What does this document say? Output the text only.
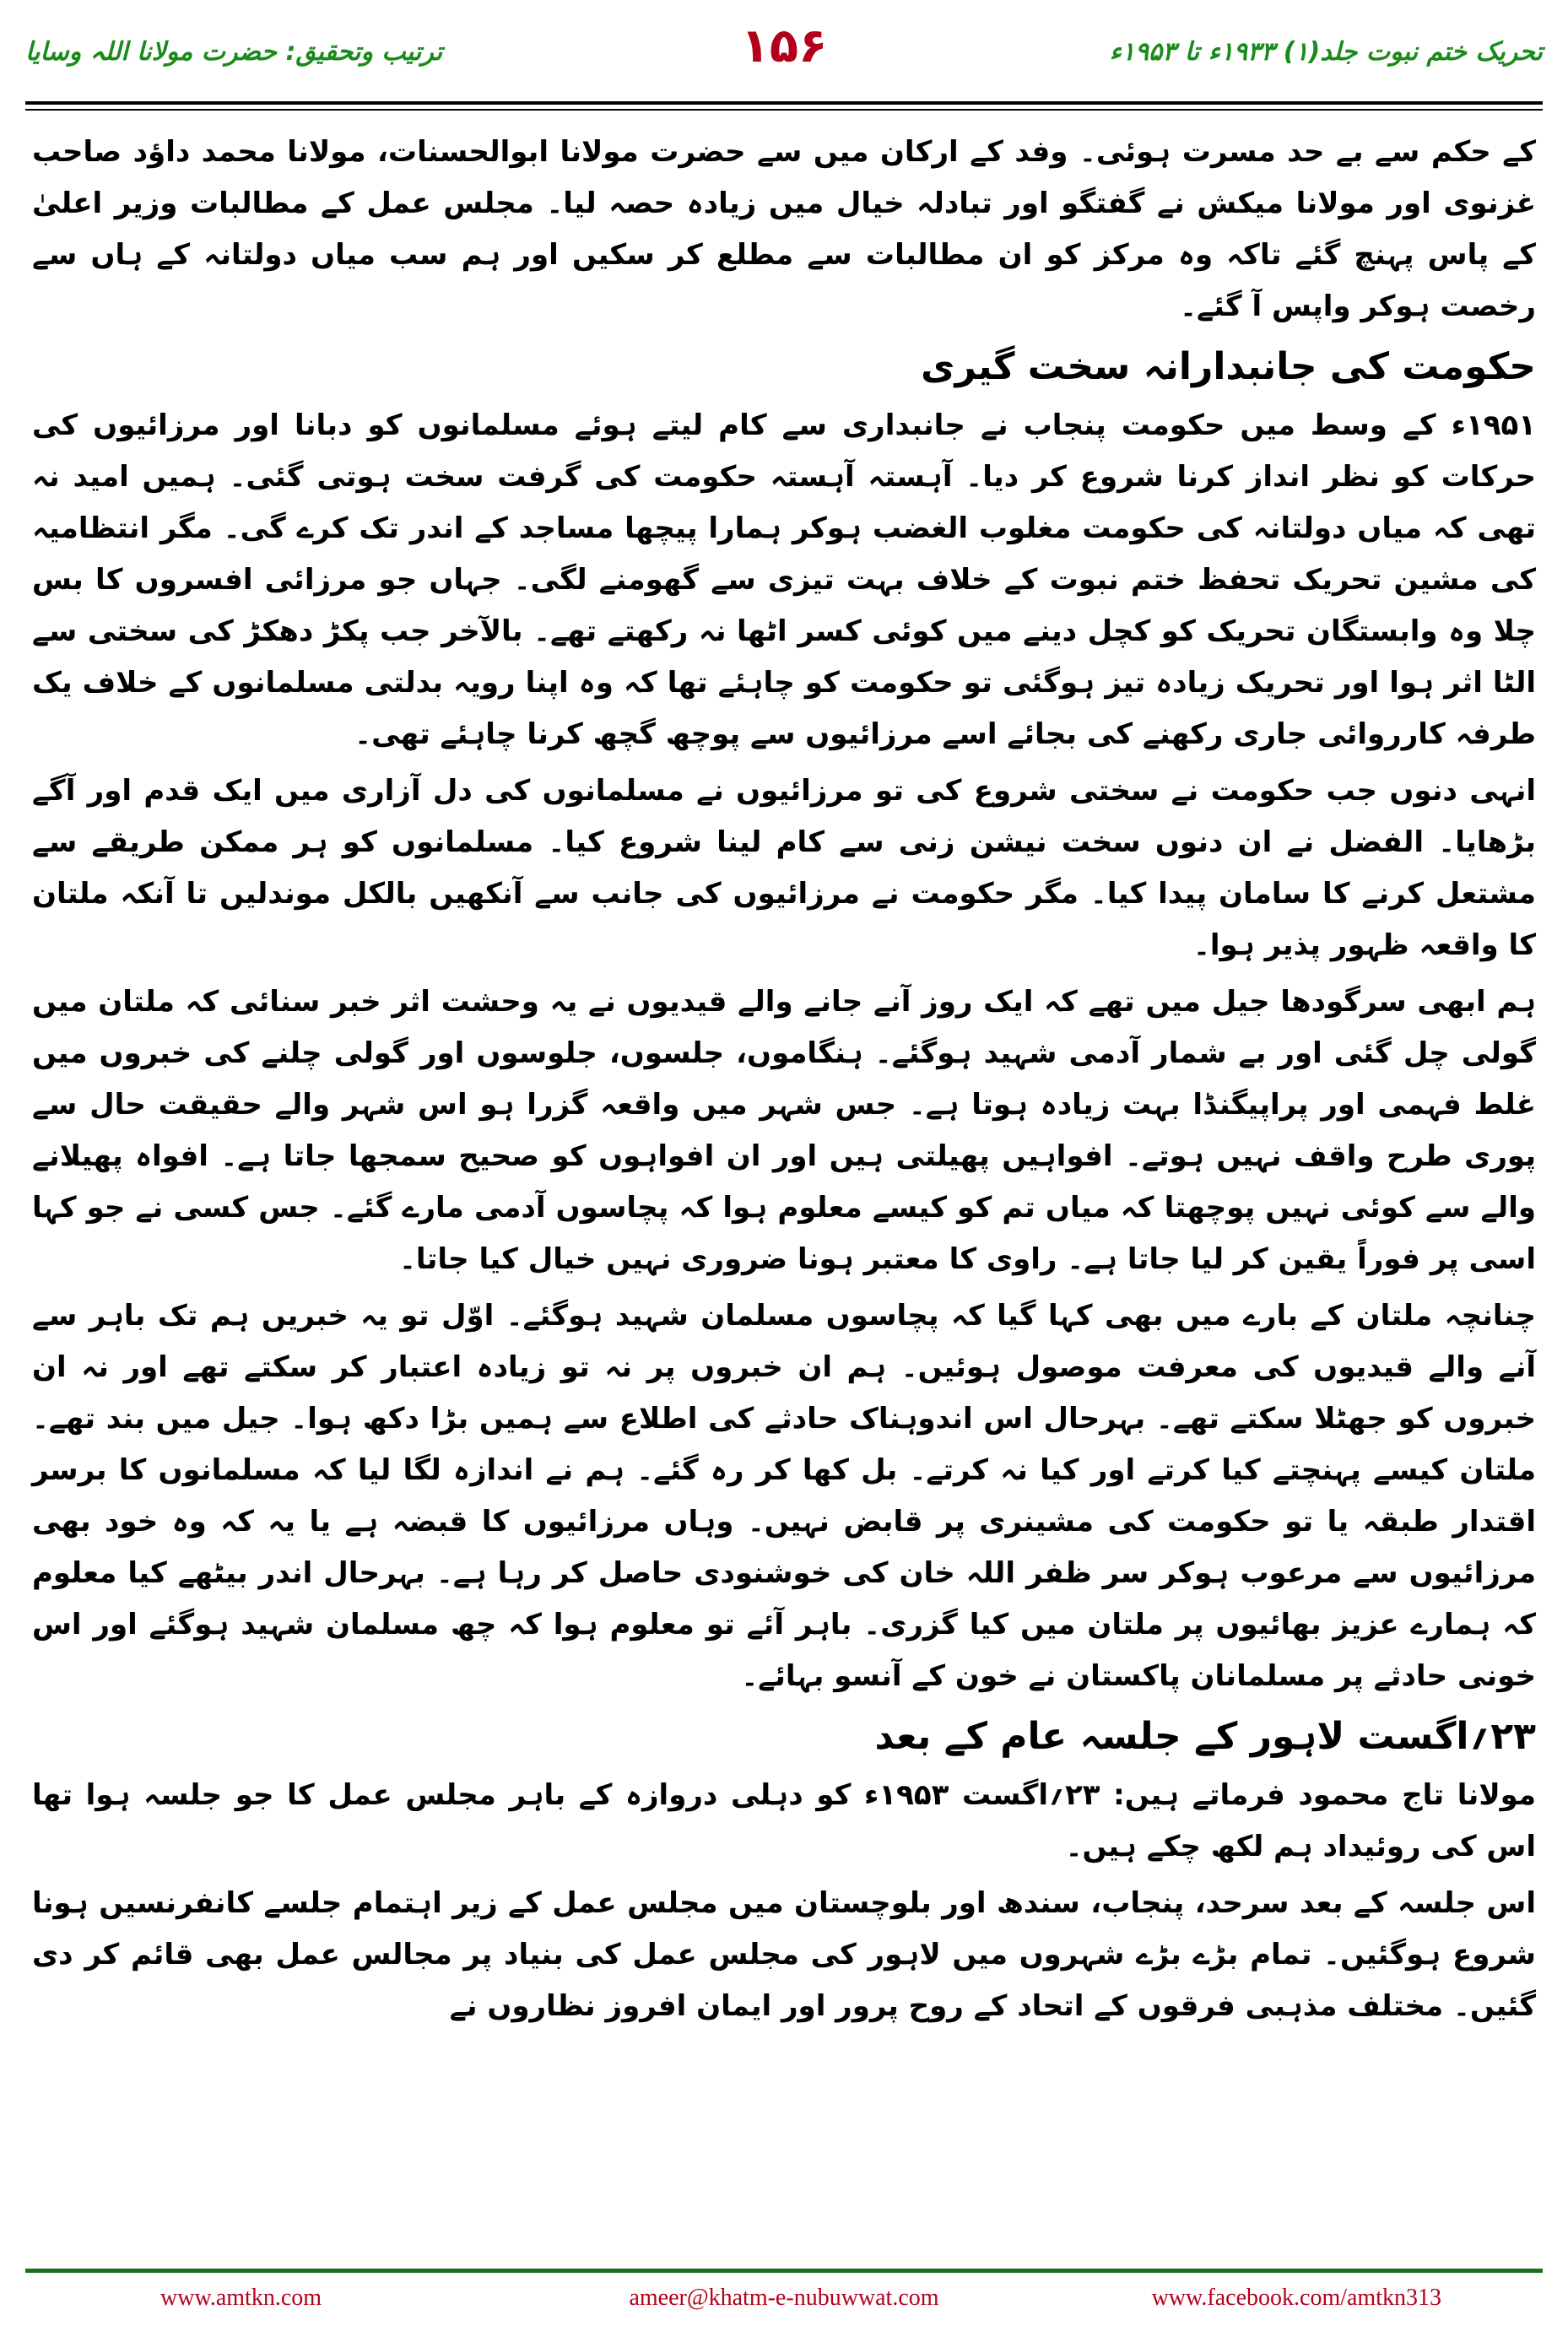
ترتیب وتحقیق: حضرت مولانا اللہ وسایا	۱۵۶	تحریک ختم نبوت جلد(۱) ۱۹۳۳ء تا ۱۹۵۳ء

کے حکم سے بے حد مسرت ہوئی۔ وفد کے ارکان میں سے حضرت مولانا ابوالحسنات، مولانا محمد داؤد صاحب غزنوی اور مولانا میکش نے گفتگو اور تبادلہ خیال میں زیادہ حصہ لیا۔ مجلس عمل کے مطالبات وزیر اعلیٰ کے پاس پہنچ گئے تاکہ وہ مرکز کو ان مطالبات سے مطلع کر سکیں اور ہم سب میاں دولتانہ کے ہاں سے رخصت ہوکر واپس آ گئے۔

حکومت کی جانبدارانہ سخت گیری

۱۹۵۱ء کے وسط میں حکومت پنجاب نے جانبداری سے کام لیتے ہوئے مسلمانوں کو دبانا اور مرزائیوں کی حرکات کو نظر انداز کرنا شروع کر دیا۔ آہستہ آہستہ حکومت کی گرفت سخت ہوتی گئی۔ ہمیں امید نہ تھی کہ میاں دولتانہ کی حکومت مغلوب الغضب ہوکر ہمارا پیچھا مساجد کے اندر تک کرے گی۔ مگر انتظامیہ کی مشین تحریک تحفظ ختم نبوت کے خلاف بہت تیزی سے گھومنے لگی۔ جہاں جو مرزائی افسروں کا بس چلا وہ وابستگان تحریک کو کچل دینے میں کوئی کسر اٹھا نہ رکھتے تھے۔ بالآخر جب پکڑ دھکڑ کی سختی سے الٹا اثر ہوا اور تحریک زیادہ تیز ہوگئی تو حکومت کو چاہئے تھا کہ وہ اپنا رویہ بدلتی مسلمانوں کے خلاف یک طرفہ کارروائی جاری رکھنے کی بجائے اسے مرزائیوں سے پوچھ گچھ کرنا چاہئے تھی۔

انہی دنوں جب حکومت نے سختی شروع کی تو مرزائیوں نے مسلمانوں کی دل آزاری میں ایک قدم اور آگے بڑھایا۔ الفضل نے ان دنوں سخت نیشن زنی سے کام لینا شروع کیا۔ مسلمانوں کو ہر ممکن طریقے سے مشتعل کرنے کا سامان پیدا کیا۔ مگر حکومت نے مرزائیوں کی جانب سے آنکھیں بالکل موندلیں تا آنکہ ملتان کا واقعہ ظہور پذیر ہوا۔

ہم ابھی سرگودھا جیل میں تھے کہ ایک روز آنے جانے والے قیدیوں نے یہ وحشت اثر خبر سنائی کہ ملتان میں گولی چل گئی اور بے شمار آدمی شہید ہوگئے۔ ہنگاموں، جلسوں، جلوسوں اور گولی چلنے کی خبروں میں غلط فہمی اور پراپیگنڈا بہت زیادہ ہوتا ہے۔ جس شہر میں واقعہ گزرا ہو اس شہر والے حقیقت حال سے پوری طرح واقف نہیں ہوتے۔ افواہیں پھیلتی ہیں اور ان افواہوں کو صحیح سمجھا جاتا ہے۔ افواہ پھیلانے والے سے کوئی نہیں پوچھتا کہ میاں تم کو کیسے معلوم ہوا کہ پچاسوں آدمی مارے گئے۔ جس کسی نے جو کہا اسی پر فوراً یقین کر لیا جاتا ہے۔ راوی کا معتبر ہونا ضروری نہیں خیال کیا جاتا۔

چنانچہ ملتان کے بارے میں بھی کہا گیا کہ پچاسوں مسلمان شہید ہوگئے۔ اوّل تو یہ خبریں ہم تک باہر سے آنے والے قیدیوں کی معرفت موصول ہوئیں۔ ہم ان خبروں پر نہ تو زیادہ اعتبار کر سکتے تھے اور نہ ان خبروں کو جھٹلا سکتے تھے۔ بہرحال اس اندوہناک حادثے کی اطلاع سے ہمیں بڑا دکھ ہوا۔ جیل میں بند تھے۔ ملتان کیسے پہنچتے کیا کرتے اور کیا نہ کرتے۔ بل کھا کر رہ گئے۔ ہم نے اندازہ لگا لیا کہ مسلمانوں کا برسر اقتدار طبقہ یا تو حکومت کی مشینری پر قابض نہیں۔ وہاں مرزائیوں کا قبضہ ہے یا یہ کہ وہ خود بھی مرزائیوں سے مرعوب ہوکر سر ظفر اللہ خان کی خوشنودی حاصل کر رہا ہے۔ بہرحال اندر بیٹھے کیا معلوم کہ ہمارے عزیز بھائیوں پر ملتان میں کیا گزری۔ باہر آئے تو معلوم ہوا کہ چھ مسلمان شہید ہوگئے اور اس خونی حادثے پر مسلمانان پاکستان نے خون کے آنسو بہائے۔

۲۳؍اگست لاہور کے جلسہ عام کے بعد

مولانا تاج محمود فرماتے ہیں: ۲۳؍اگست ۱۹۵۳ء کو دہلی دروازہ کے باہر مجلس عمل کا جو جلسہ ہوا تھا اس کی روئیداد ہم لکھ چکے ہیں۔

اس جلسہ کے بعد سرحد، پنجاب، سندھ اور بلوچستان میں مجلس عمل کے زیر اہتمام جلسے کانفرنسیں ہونا شروع ہوگئیں۔ تمام بڑے بڑے شہروں میں لاہور کی مجلس عمل کی بنیاد پر مجالس عمل بھی قائم کر دی گئیں۔ مختلف مذہبی فرقوں کے اتحاد کے روح پرور اور ایمان افروز نظاروں نے

www.amtkn.com	ameer@khatm-e-nubuwwat.com	www.facebook.com/amtkn313
